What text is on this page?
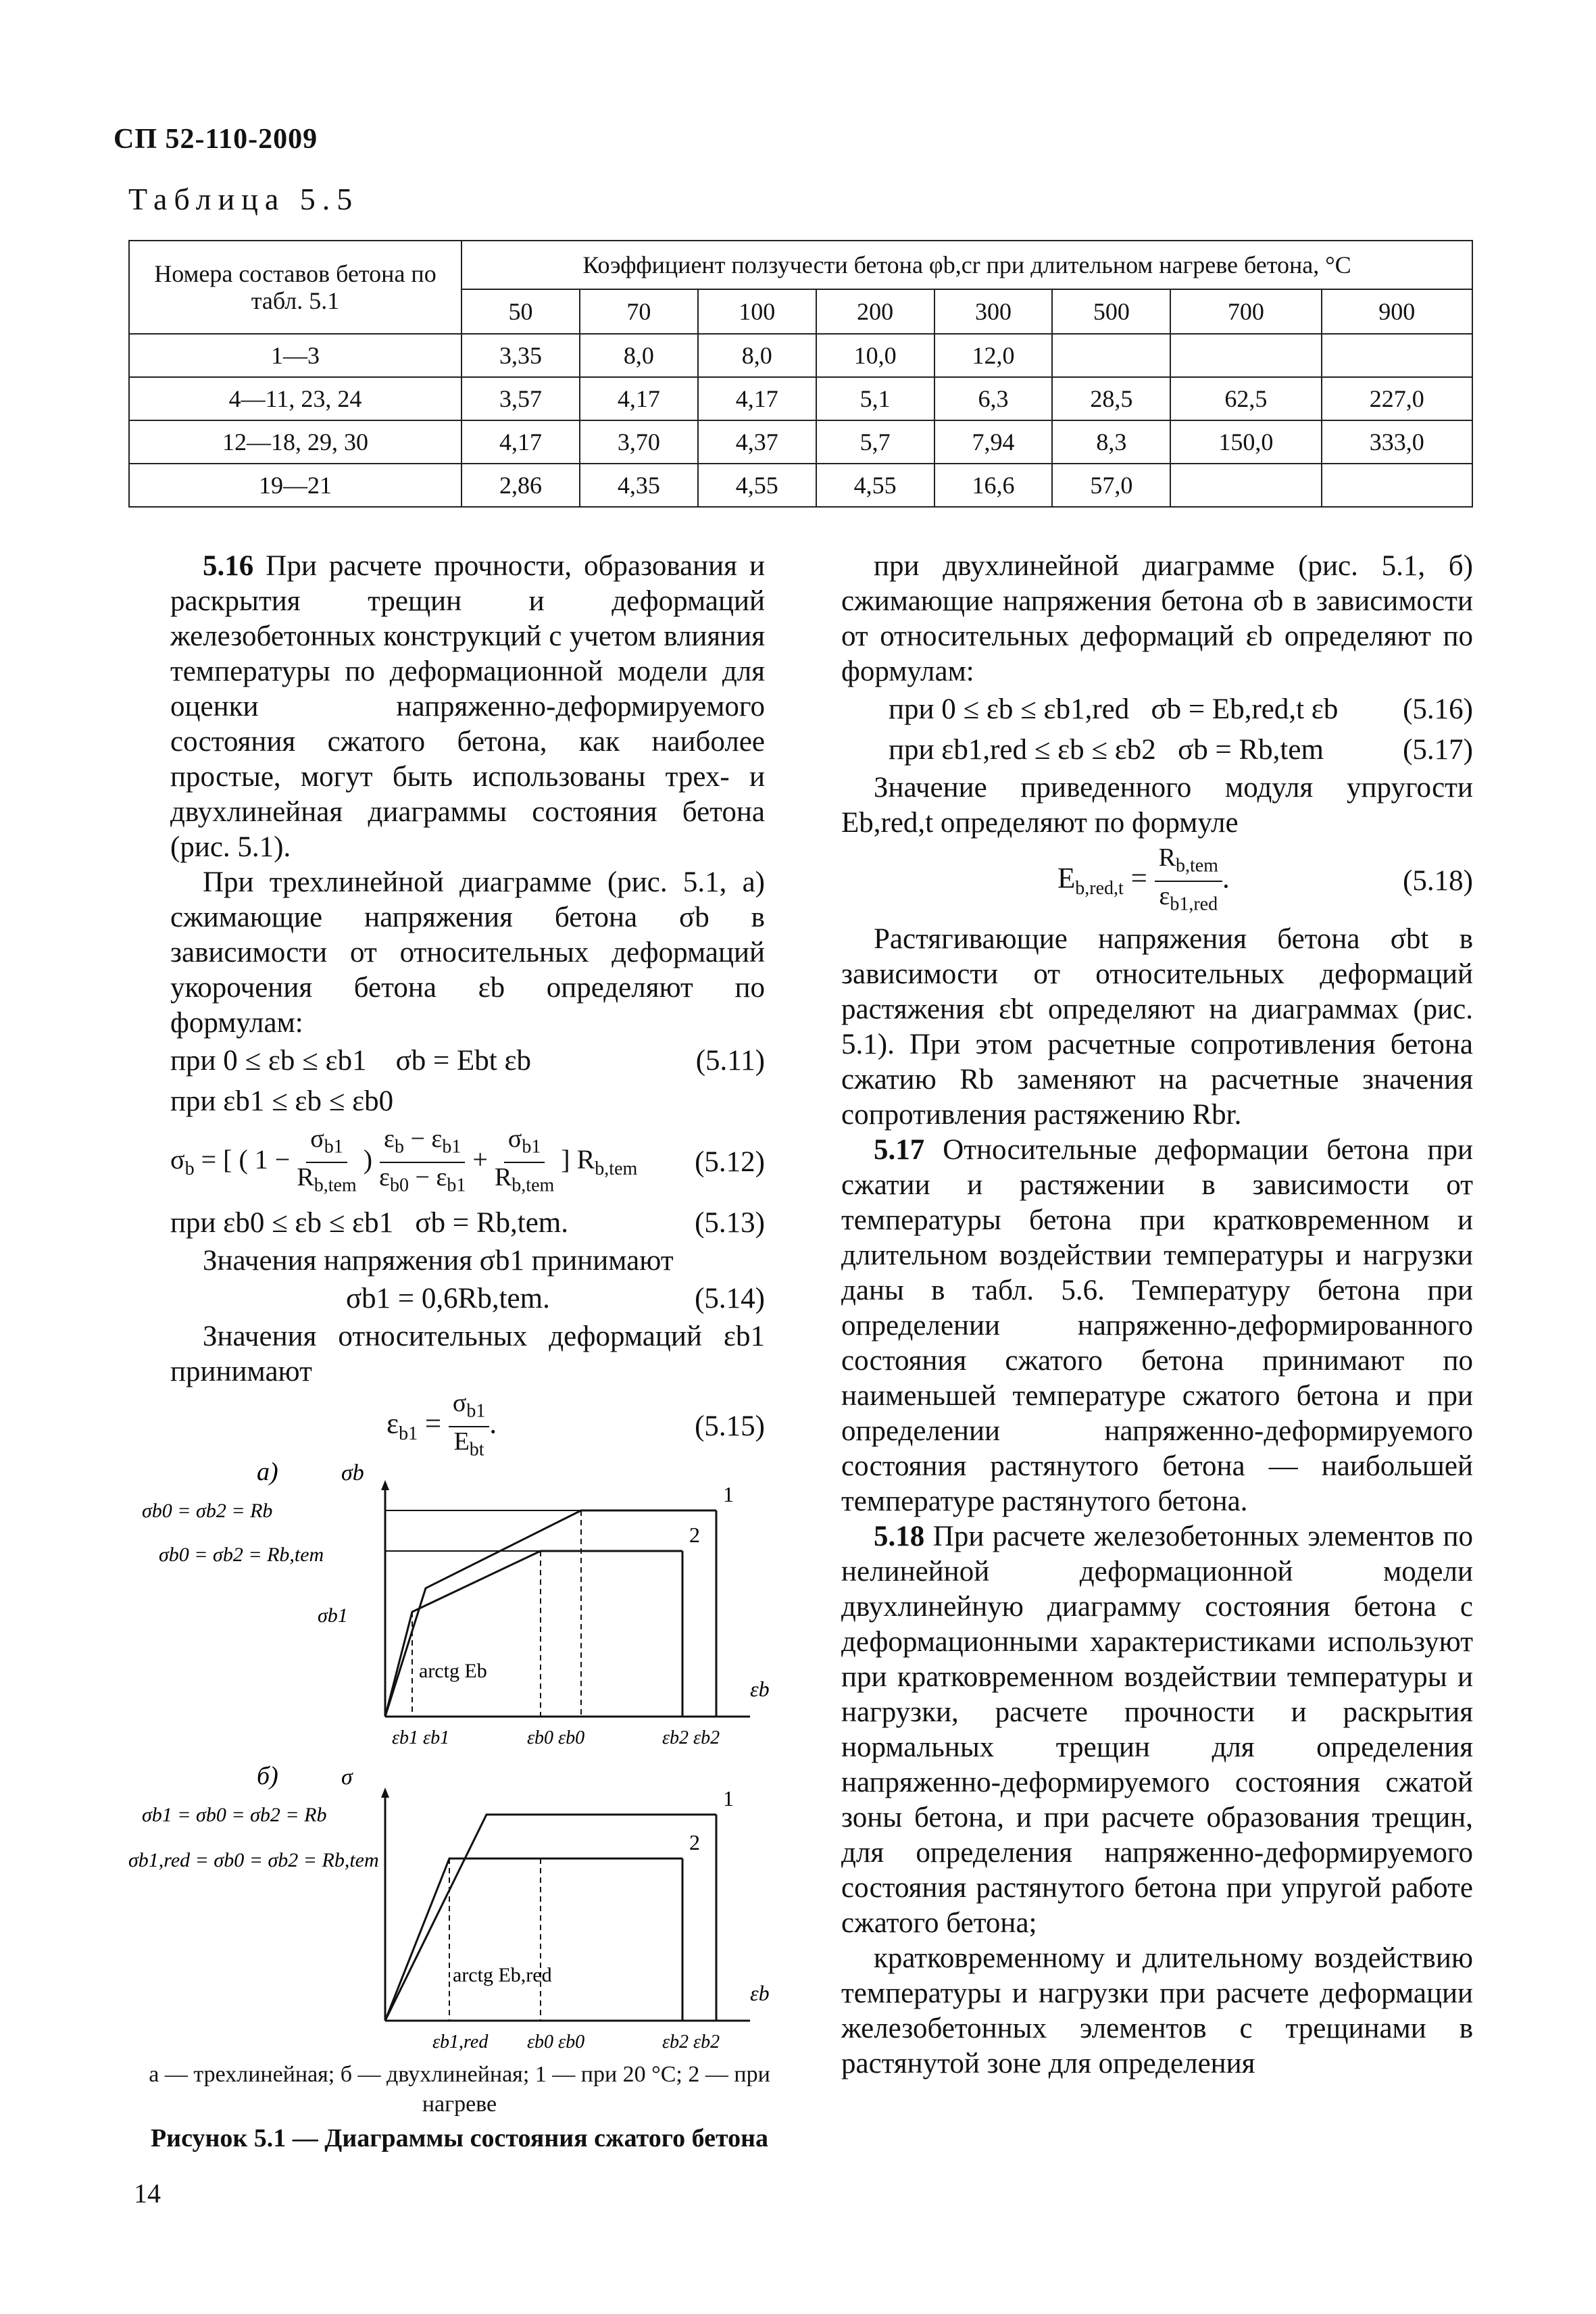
СП 52-110-2009
Таблица 5.5
Номера составов бетона по табл. 5.1	Коэффициент ползучести бетона φb,cr при длительном нагреве бетона, °С							
	50	70	100	200	300	500	700	900
1—3	3,35	8,0	8,0	10,0	12,0			
4—11, 23, 24	3,57	4,17	4,17	5,1	6,3	28,5	62,5	227,0
12—18, 29, 30	4,17	3,70	4,37	5,7	7,94	8,3	150,0	333,0
19—21	2,86	4,35	4,55	4,55	16,6	57,0		

5.16 При расчете прочности, образования и раскрытия трещин и деформаций железобетонных конструкций с учетом влияния температуры по деформационной модели для оценки напряженно-деформируемого состояния сжатого бетона, как наиболее простые, могут быть использованы трех- и двухлинейная диаграммы состояния бетона (рис. 5.1).

При трехлинейной диаграмме (рис. 5.1, а) сжимающие напряжения бетона σb в зависимости от относительных деформаций укорочения бетона εb определяют по формулам:

при 0 ≤ εb ≤ εb1 σb = Ebt εb	(5.11)
при εb1 ≤ εb ≤ εb0
$\sigma_b$ = [ ( $1 - \frac{\sigma_{b1}}{R_{b,tem}}$ ) $\frac{\varepsilon_b - \varepsilon_{b1}}{\varepsilon_{b0} - \varepsilon_{b1}} + \frac{\sigma_{b1}}{R_{b,tem}}$ ] $R_{b,tem}$ (5.12)
при εb0 ≤ εb ≤ εb1 σb = Rb,tem.	(5.13)

Значения напряжения σb1 принимают

σb1 = 0,6Rb,tem.	(5.14)

Значения относительных деформаций εb1 принимают

$\varepsilon_{b1} = \frac{\sigma_{b1}}{E_{bt}}$ .	(5.15)
а)	σb
εb
σb0 = σb2 = Rb
σb0 = σb2 = Rb,tem
σb1
1
2
arctg Eb
εb1 εb1	εb0 εb0	εb2 εb2
б)	σ
εb
σb1 = σb0 = σb2 = Rb
σb1,red = σb0 = σb2 = Rb,tem
1
2
arctg Eb,red
εb1,red εb0 εb0	εb2 εb2
а — трехлинейная; б — двухлинейная; 1 — при 20 °С; 2 — при нагреве
Рисунок 5.1 — Диаграммы состояния сжатого бетона

при двухлинейной диаграмме (рис. 5.1, б) сжимающие напряжения бетона σb в зависимости от относительных деформаций εb определяют по формулам:

при 0 ≤ εb ≤ εb1,red σb = Eb,red,t εb (5.16)
при εb1,red ≤ εb ≤ εb2 σb = Rb,tem	(5.17)

Значение приведенного модуля упругости Eb,red,t определяют по формуле

$E_{b,red,t} = \frac{R_{b,tem}}{\varepsilon_{b1,red}}$ .	(5.18)

Растягивающие напряжения бетона σbt в зависимости от относительных деформаций растяжения εbt определяют на диаграммах (рис. 5.1). При этом расчетные сопротивления бетона сжатию Rb заменяют на расчетные значения сопротивления растяжению Rbr.

5.17 Относительные деформации бетона при сжатии и растяжении в зависимости от температуры бетона при кратковременном и длительном воздействии температуры и нагрузки даны в табл. 5.6. Температуру бетона при определении напряженно-деформированного состояния сжатого бетона принимают по наименьшей температуре сжатого бетона и при определении напряженно-деформируемого состояния растянутого бетона — наибольшей температуре растянутого бетона.

5.18 При расчете железобетонных элементов по нелинейной деформационной модели двухлинейную диаграмму состояния бетона с деформационными характеристиками используют при кратковременном воздействии температуры и нагрузки, расчете прочности и раскрытия нормальных трещин для определения напряженно-деформируемого состояния сжатой зоны бетона, и при расчете образования трещин, для определения напряженно-деформируемого состояния растянутого бетона при упругой работе сжатого бетона;

кратковременному и длительному воздействию температуры и нагрузки при расчете деформации железобетонных элементов с трещинами в растянутой зоне для определения

14
